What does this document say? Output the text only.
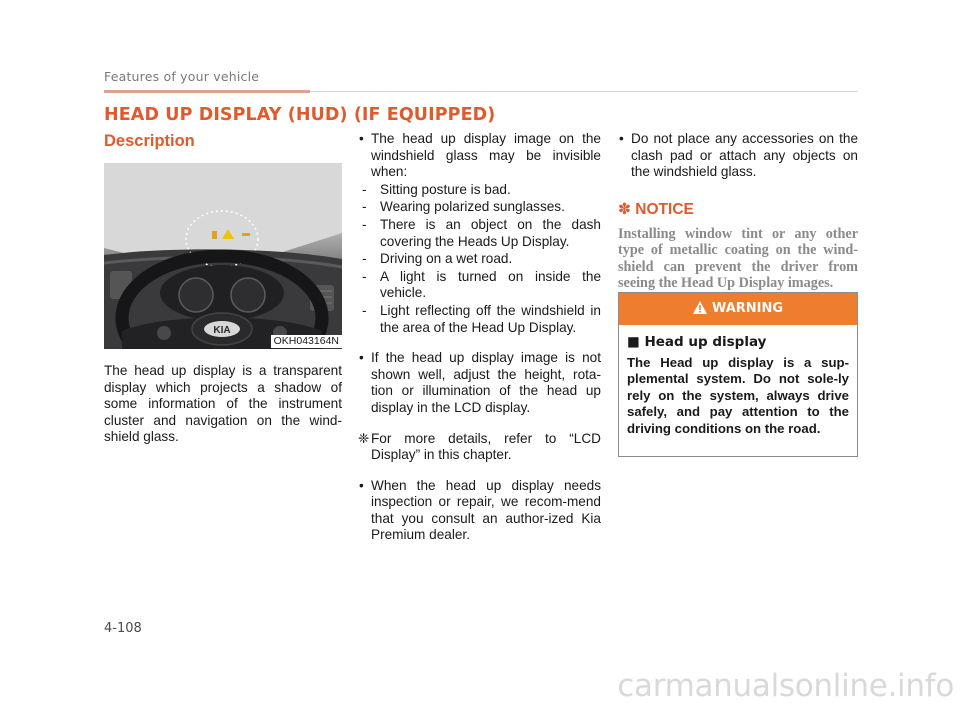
Features of your vehicle
HEAD UP DISPLAY (HUD) (IF EQUIPPED)
Description
KIA
OKH043164N

The head up display is a transparent display which projects a shadow of some information of the instrument cluster and navigation on the wind-shield glass.

• The head up display image on the windshield glass may be invisible when:
- Sitting posture is bad.
- Wearing polarized sunglasses.
- There is an object on the dash covering the Heads Up Display.
- Driving on a wet road.
- A light is turned on inside the vehicle.
- Light reflecting off the windshield in the area of the Head Up Display.
• If the head up display image is not shown well, adjust the height, rota-tion or illumination of the head up display in the LCD display.
❈ For more details, refer to “LCD Display” in this chapter.
• When the head up display needs inspection or repair, we recom-mend that you consult an author-ized Kia Premium dealer.
• Do not place any accessories on the clash pad or attach any objects on the windshield glass.
✽ NOTICE
Installing window tint or any other type of metallic coating on the wind-shield can prevent the driver from seeing the Head Up Display images.
WARNING
■ Head up display
The Head up display is a sup-plemental system. Do not sole-ly rely on the system, always drive safely, and pay attention to the driving conditions on the road.
4-108
carmanualsonline.info
